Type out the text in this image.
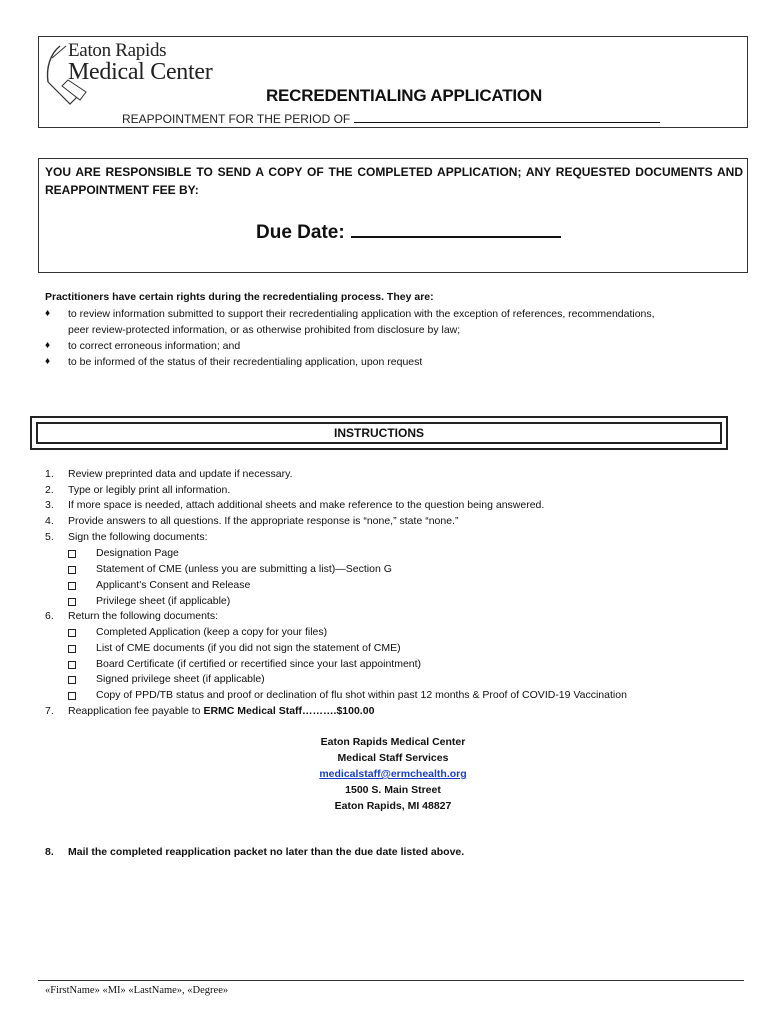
Eaton Rapids
Medical Center
RECREDENTIALING APPLICATION
REAPPOINTMENT FOR THE PERIOD OF
YOU ARE RESPONSIBLE TO SEND A COPY OF THE COMPLETED APPLICATION; ANY REQUESTED DOCUMENTS AND REAPPOINTMENT FEE BY:
Due Date:
Practitioners have certain rights during the recredentialing process. They are:
♦ to review information submitted to support their recredentialing application with the exception of references, recommendations,
peer review-protected information, or as otherwise prohibited from disclosure by law;
♦ to correct erroneous information; and
♦ to be informed of the status of their recredentialing application, upon request
INSTRUCTIONS
1. Review preprinted data and update if necessary.
2. Type or legibly print all information.
3. If more space is needed, attach additional sheets and make reference to the question being answered.
4. Provide answers to all questions. If the appropriate response is “none,” state “none.”
5. Sign the following documents:
Designation Page
Statement of CME (unless you are submitting a list)—Section G
Applicant's Consent and Release
Privilege sheet (if applicable)
6. Return the following documents:
Completed Application (keep a copy for your files)
List of CME documents (if you did not sign the statement of CME)
Board Certificate (if certified or recertified since your last appointment)
Signed privilege sheet (if applicable)
Copy of PPD/TB status and proof or declination of flu shot within past 12 months & Proof of COVID-19 Vaccination
7. Reapplication fee payable to ERMC Medical Staff……….$100.00
Eaton Rapids Medical Center
Medical Staff Services
medicalstaff@ermchealth.org
1500 S. Main Street
Eaton Rapids, MI 48827
8. Mail the completed reapplication packet no later than the due date listed above.
«FirstName» «MI» «LastName», «Degree»
